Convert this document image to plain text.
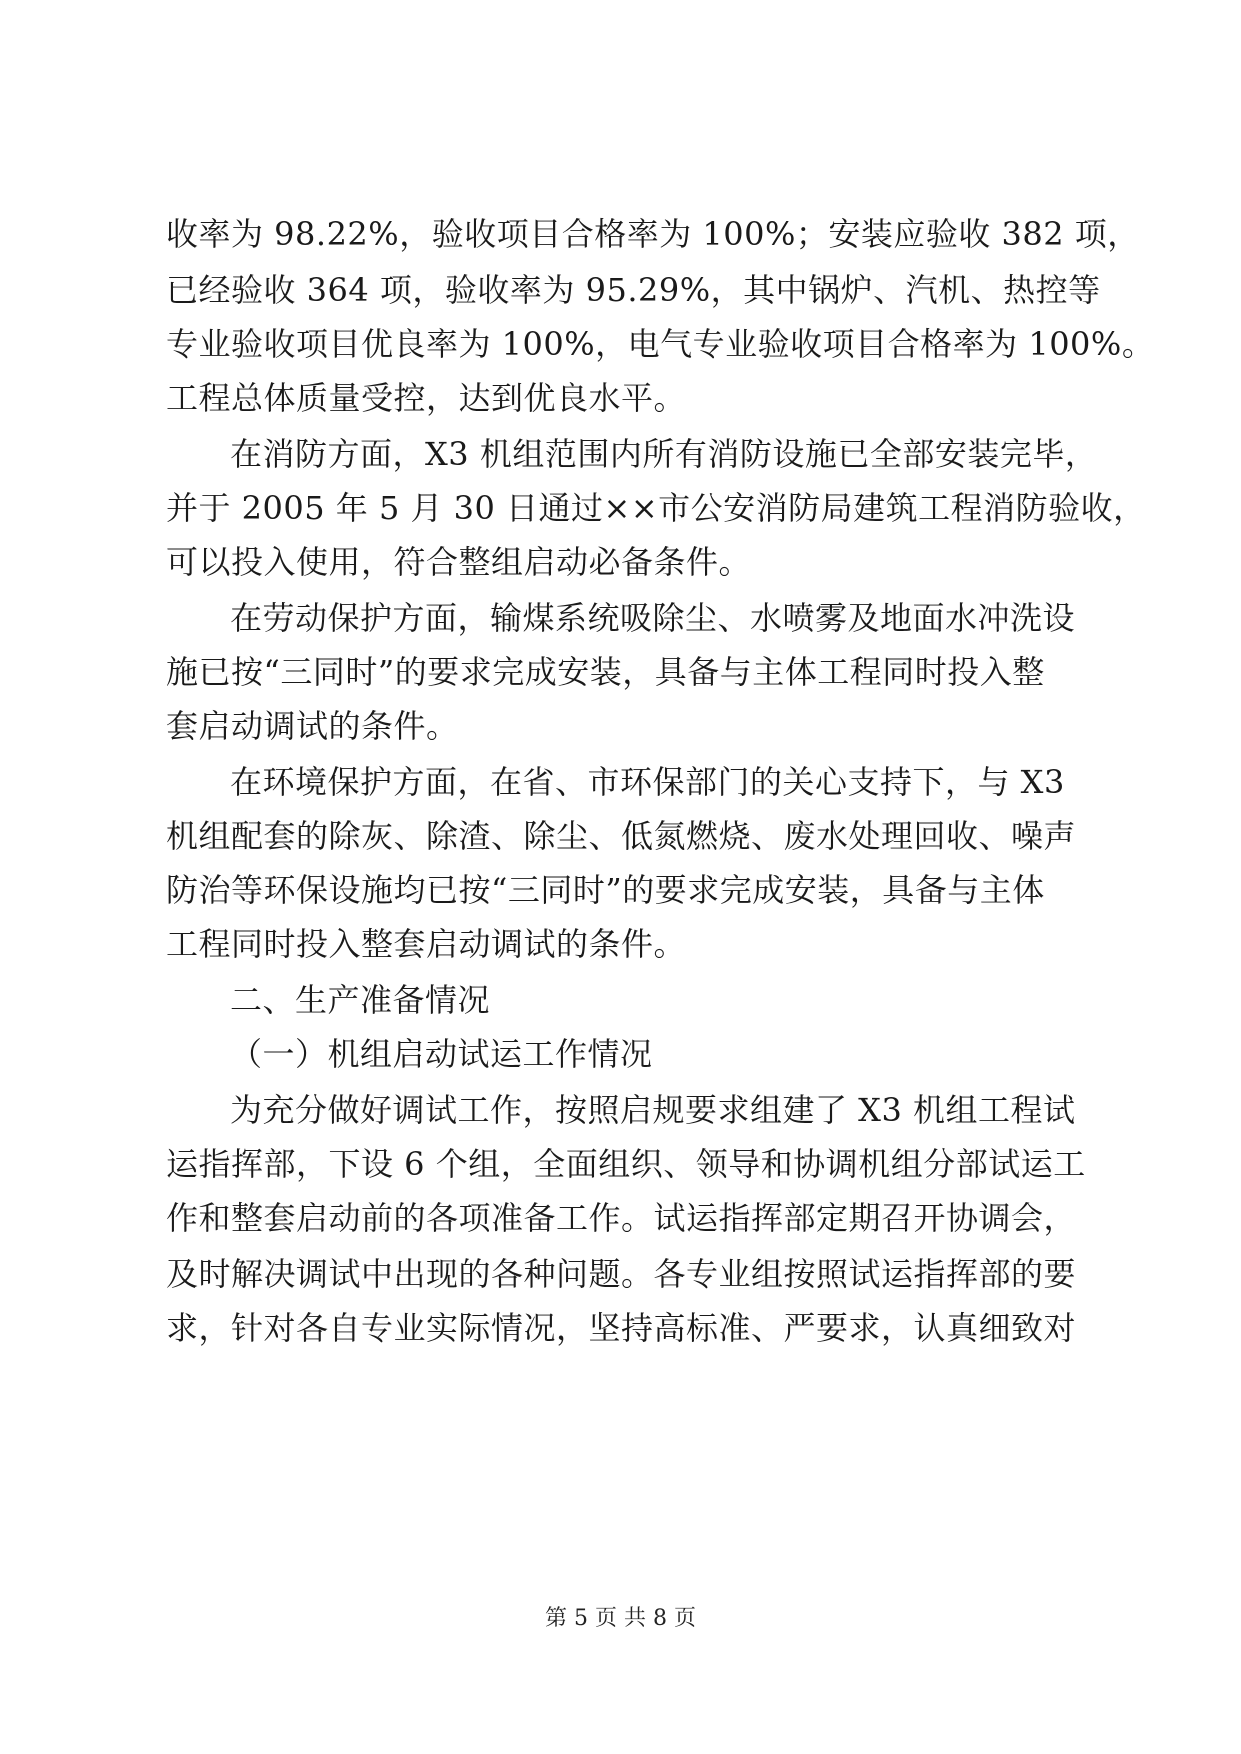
收率为 98.22%，验收项目合格率为 100%；安装应验收 382 项，
已经验收 364 项，验收率为 95.29%，其中锅炉、汽机、热控等
专业验收项目优良率为 100%，电气专业验收项目合格率为 100%。
工程总体质量受控，达到优良水平。
在消防方面，X3 机组范围内所有消防设施已全部安装完毕，
并于 2005 年 5 月 30 日通过××市公安消防局建筑工程消防验收，
可以投入使用，符合整组启动必备条件。
在劳动保护方面，输煤系统吸除尘、水喷雾及地面水冲洗设
施已按“三同时”的要求完成安装，具备与主体工程同时投入整
套启动调试的条件。
在环境保护方面，在省、市环保部门的关心支持下，与 X3
机组配套的除灰、除渣、除尘、低氮燃烧、废水处理回收、噪声
防治等环保设施均已按“三同时”的要求完成安装，具备与主体
工程同时投入整套启动调试的条件。
二、生产准备情况
（一）机组启动试运工作情况
为充分做好调试工作，按照启规要求组建了 X3 机组工程试
运指挥部，下设 6 个组，全面组织、领导和协调机组分部试运工
作和整套启动前的各项准备工作。试运指挥部定期召开协调会，
及时解决调试中出现的各种问题。各专业组按照试运指挥部的要
求，针对各自专业实际情况，坚持高标准、严要求，认真细致对
第 5 页 共 8 页
